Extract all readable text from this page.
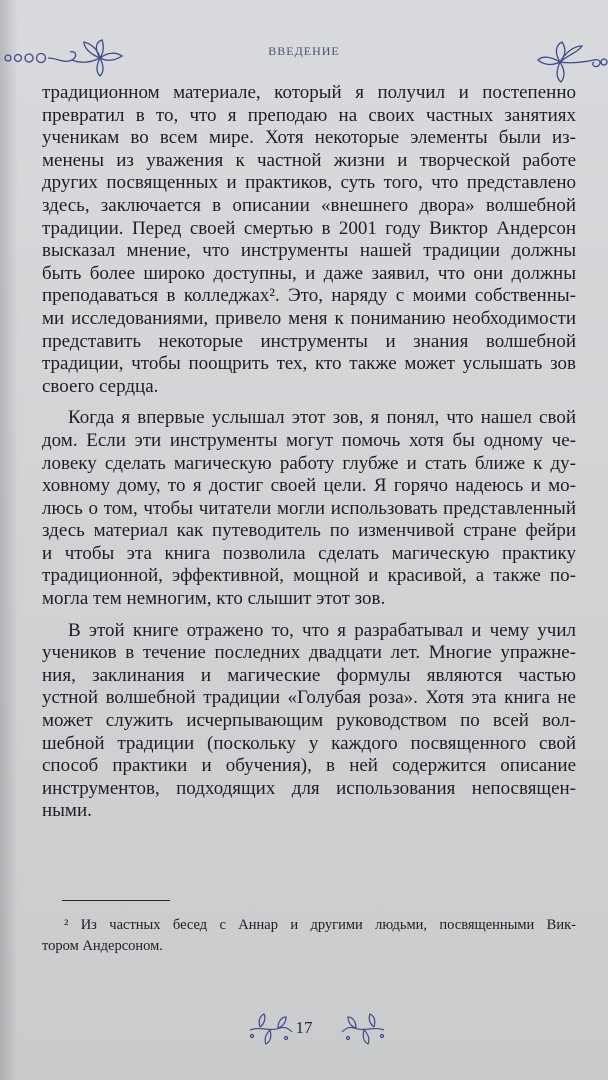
ВВЕДЕНИЕ
традиционном материале, который я получил и постепенно
превратил в то, что я преподаю на своих частных занятиях
ученикам во всем мире. Хотя некоторые элементы были из-
менены из уважения к частной жизни и творческой работе
других посвященных и практиков, суть того, что представлено
здесь, заключается в описании «внешнего двора» волшебной
традиции. Перед своей смертью в 2001 году Виктор Андерсон
высказал мнение, что инструменты нашей традиции должны
быть более широко доступны, и даже заявил, что они должны
преподаваться в колледжах². Это, наряду с моими собственны-
ми исследованиями, привело меня к пониманию необходимости
представить некоторые инструменты и знания волшебной
традиции, чтобы поощрить тех, кто также может услышать зов
своего сердца.
Когда я впервые услышал этот зов, я понял, что нашел свой
дом. Если эти инструменты могут помочь хотя бы одному че-
ловеку сделать магическую работу глубже и стать ближе к ду-
ховному дому, то я достиг своей цели. Я горячо надеюсь и мо-
люсь о том, чтобы читатели могли использовать представленный
здесь материал как путеводитель по изменчивой стране фейри
и чтобы эта книга позволила сделать магическую практику
традиционной, эффективной, мощной и красивой, а также по-
могла тем немногим, кто слышит этот зов.
В этой книге отражено то, что я разрабатывал и чему учил
учеников в течение последних двадцати лет. Многие упражне-
ния, заклинания и магические формулы являются частью
устной волшебной традиции «Голубая роза». Хотя эта книга не
может служить исчерпывающим руководством по всей вол-
шебной традиции (поскольку у каждого посвященного свой
способ практики и обучения), в ней содержится описание
инструментов, подходящих для использования непосвящен-
ными.
² Из частных бесед с Аннар и другими людьми, посвященными Вик-
тором Андерсоном.
17
